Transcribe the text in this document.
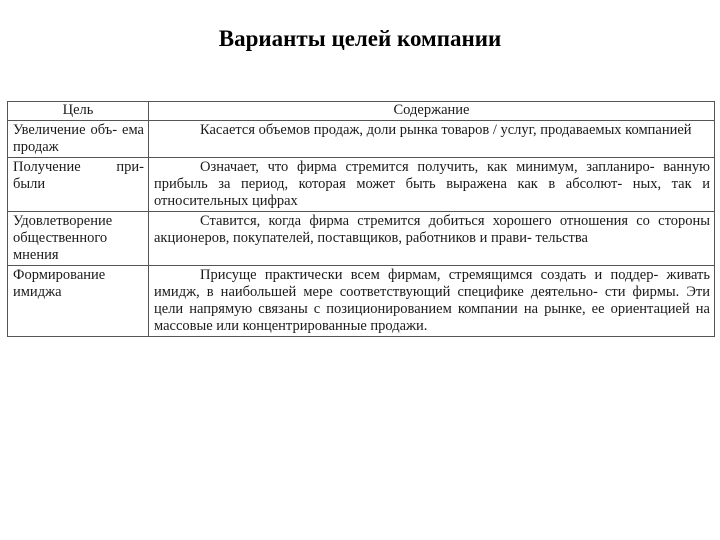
Варианты целей компании
Цель	Содержание
Увеличение объ- ема продаж	Касается объемов продаж, доли рынка товаров / услуг, продаваемых компанией
Получение при- были	Означает, что фирма стремится получить, как минимум, запланиро- ванную прибыль за период, которая может быть выражена как в абсолют- ных, так и относительных цифрах
Удовлетворение общественного мнения	Ставится, когда фирма стремится добиться хорошего отношения со стороны акционеров, покупателей, поставщиков, работников и прави- тельства
Формирование имиджа	Присуще практически всем фирмам, стремящимся создать и поддер- живать имидж, в наибольшей мере соответствующий специфике деятельно- сти фирмы. Эти цели напрямую связаны с позиционированием компании на рынке, ее ориентацией на массовые или концентрированные продажи.
